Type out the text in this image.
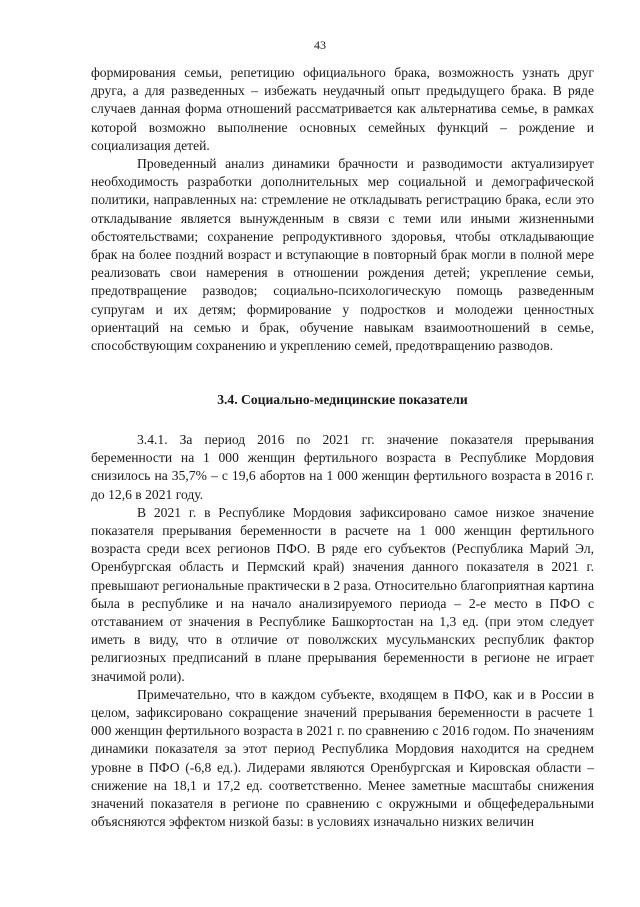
43

формирования семьи, репетицию официального брака, возможность узнать друг друга, а для разведенных – избежать неудачный опыт предыдущего брака. В ряде случаев данная форма отношений рассматривается как альтернатива семье, в рамках которой возможно выполнение основных семейных функций – рождение и социализация детей.

Проведенный анализ динамики брачности и разводимости актуализирует необходимость разработки дополнительных мер социальной и демографической политики, направленных на: стремление не откладывать регистрацию брака, если это откладывание является вынужденным в связи с теми или иными жизненными обстоятельствами; сохранение репродуктивного здоровья, чтобы откладывающие брак на более поздний возраст и вступающие в повторный брак могли в полной мере реализовать свои намерения в отношении рождения детей; укрепление семьи, предотвращение разводов; социально-психологическую помощь разведенным супругам и их детям; формирование у подростков и молодежи ценностных ориентаций на семью и брак, обучение навыкам взаимоотношений в семье, способствующим сохранению и укреплению семей, предотвращению разводов.

3.4. Социально-медицинские показатели

3.4.1. За период 2016 по 2021 гг. значение показателя прерывания беременности на 1 000 женщин фертильного возраста в Республике Мордовия снизилось на 35,7% – с 19,6 абортов на 1 000 женщин фертильного возраста в 2016 г. до 12,6 в 2021 году.

В 2021 г. в Республике Мордовия зафиксировано самое низкое значение показателя прерывания беременности в расчете на 1 000 женщин фертильного возраста среди всех регионов ПФО. В ряде его субъектов (Республика Марий Эл, Оренбургская область и Пермский край) значения данного показателя в 2021 г. превышают региональные практически в 2 раза. Относительно благоприятная картина была в республике и на начало анализируемого периода – 2-е место в ПФО с отставанием от значения в Республике Башкортостан на 1,3 ед. (при этом следует иметь в виду, что в отличие от поволжских мусульманских республик фактор религиозных предписаний в плане прерывания беременности в регионе не играет значимой роли).

Примечательно, что в каждом субъекте, входящем в ПФО, как и в России в целом, зафиксировано сокращение значений прерывания беременности в расчете 1 000 женщин фертильного возраста в 2021 г. по сравнению с 2016 годом. По значениям динамики показателя за этот период Республика Мордовия находится на среднем уровне в ПФО (-6,8 ед.). Лидерами являются Оренбургская и Кировская области – снижение на 18,1 и 17,2 ед. соответственно. Менее заметные масштабы снижения значений показателя в регионе по сравнению с окружными и общефедеральными объясняются эффектом низкой базы: в условиях изначально низких величин
